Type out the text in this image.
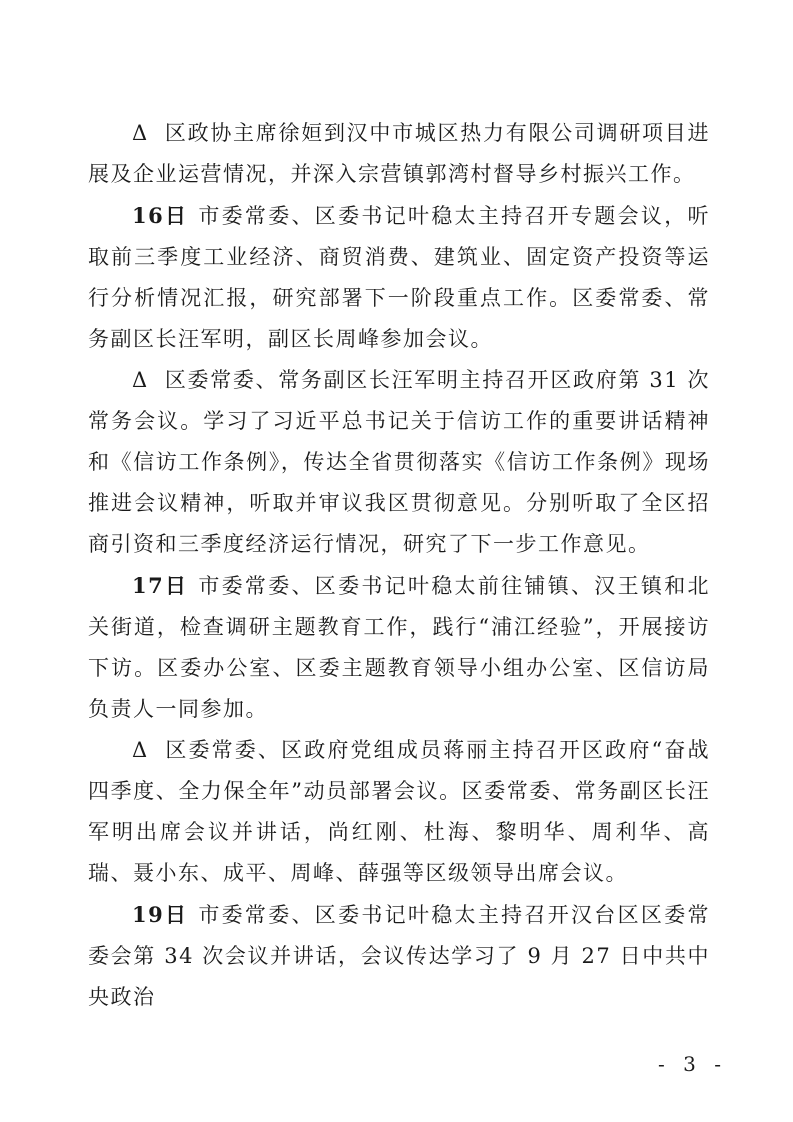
Δ 区政协主席徐姮到汉中市城区热力有限公司调研项目进展及企业运营情况，并深入宗营镇郭湾村督导乡村振兴工作。

16日 市委常委、区委书记叶稳太主持召开专题会议，听取前三季度工业经济、商贸消费、建筑业、固定资产投资等运行分析情况汇报，研究部署下一阶段重点工作。区委常委、常务副区长汪军明，副区长周峰参加会议。

Δ 区委常委、常务副区长汪军明主持召开区政府第 31 次常务会议。学习了习近平总书记关于信访工作的重要讲话精神和《信访工作条例》，传达全省贯彻落实《信访工作条例》现场推进会议精神，听取并审议我区贯彻意见。分别听取了全区招商引资和三季度经济运行情况，研究了下一步工作意见。

17日 市委常委、区委书记叶稳太前往铺镇、汉王镇和北关街道，检查调研主题教育工作，践行“浦江经验”，开展接访下访。区委办公室、区委主题教育领导小组办公室、区信访局负责人一同参加。

Δ 区委常委、区政府党组成员蒋丽主持召开区政府“奋战四季度、全力保全年”动员部署会议。区委常委、常务副区长汪军明出席会议并讲话，尚红刚、杜海、黎明华、周利华、高瑞、聂小东、成平、周峰、薛强等区级领导出席会议。

19日 市委常委、区委书记叶稳太主持召开汉台区区委常委会第 34 次会议并讲话，会议传达学习了 9 月 27 日中共中央政治

- 3 -
